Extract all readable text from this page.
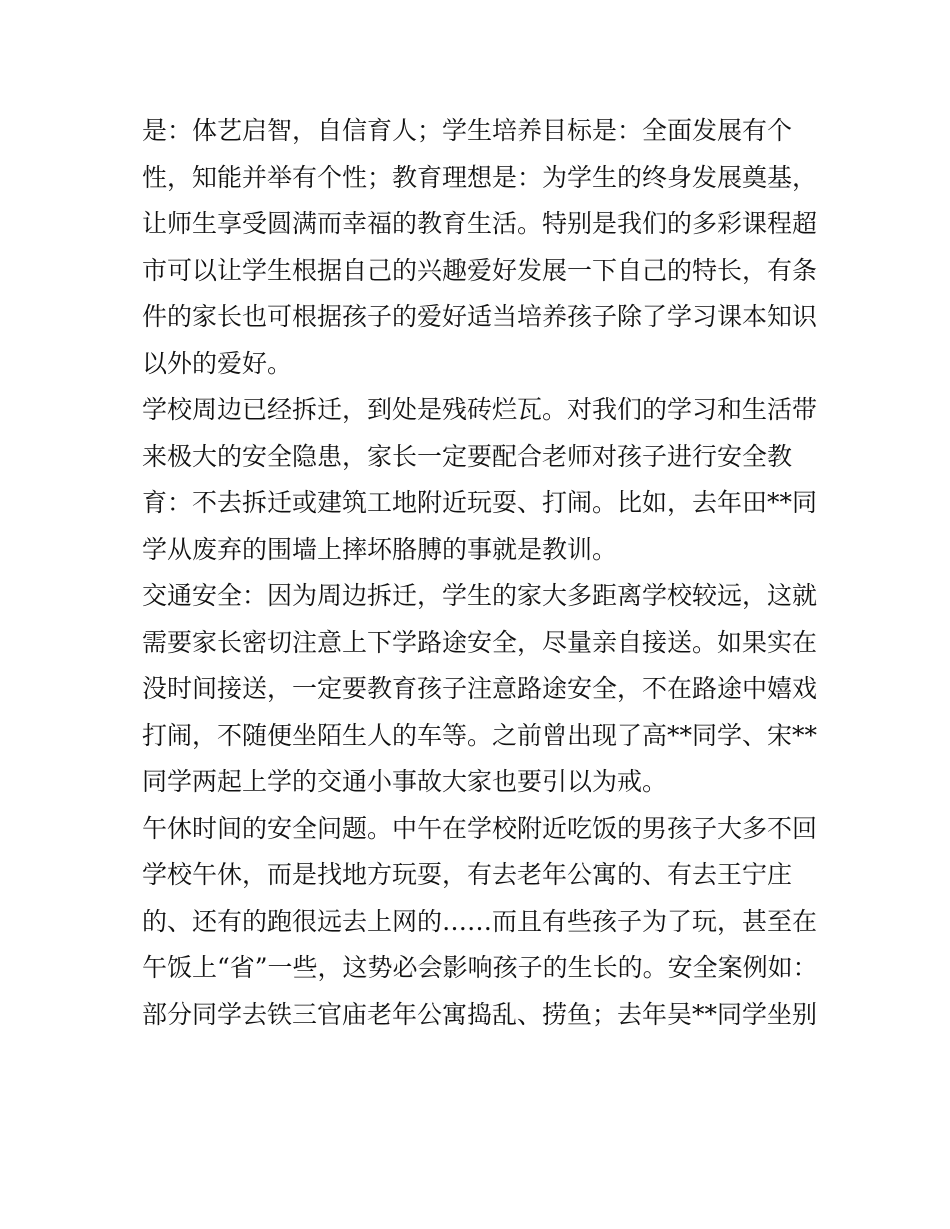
是：体艺启智，自信育人；学生培养目标是：全面发展有个
性，知能并举有个性；教育理想是：为学生的终身发展奠基，
让师生享受圆满而幸福的教育生活。特别是我们的多彩课程超
市可以让学生根据自己的兴趣爱好发展一下自己的特长，有条
件的家长也可根据孩子的爱好适当培养孩子除了学习课本知识
以外的爱好。
学校周边已经拆迁，到处是残砖烂瓦。对我们的学习和生活带
来极大的安全隐患，家长一定要配合老师对孩子进行安全教
育：不去拆迁或建筑工地附近玩耍、打闹。比如，去年田**同
学从废弃的围墙上摔坏胳膊的事就是教训。
交通安全：因为周边拆迁，学生的家大多距离学校较远，这就
需要家长密切注意上下学路途安全，尽量亲自接送。如果实在
没时间接送，一定要教育孩子注意路途安全，不在路途中嬉戏
打闹，不随便坐陌生人的车等。之前曾出现了高**同学、宋**
同学两起上学的交通小事故大家也要引以为戒。
午休时间的安全问题。中午在学校附近吃饭的男孩子大多不回
学校午休，而是找地方玩耍，有去老年公寓的、有去王宁庄
的、还有的跑很远去上网的……而且有些孩子为了玩，甚至在
午饭上“省”一些，这势必会影响孩子的生长的。安全案例如：
部分同学去铁三官庙老年公寓捣乱、捞鱼；去年吴**同学坐别
